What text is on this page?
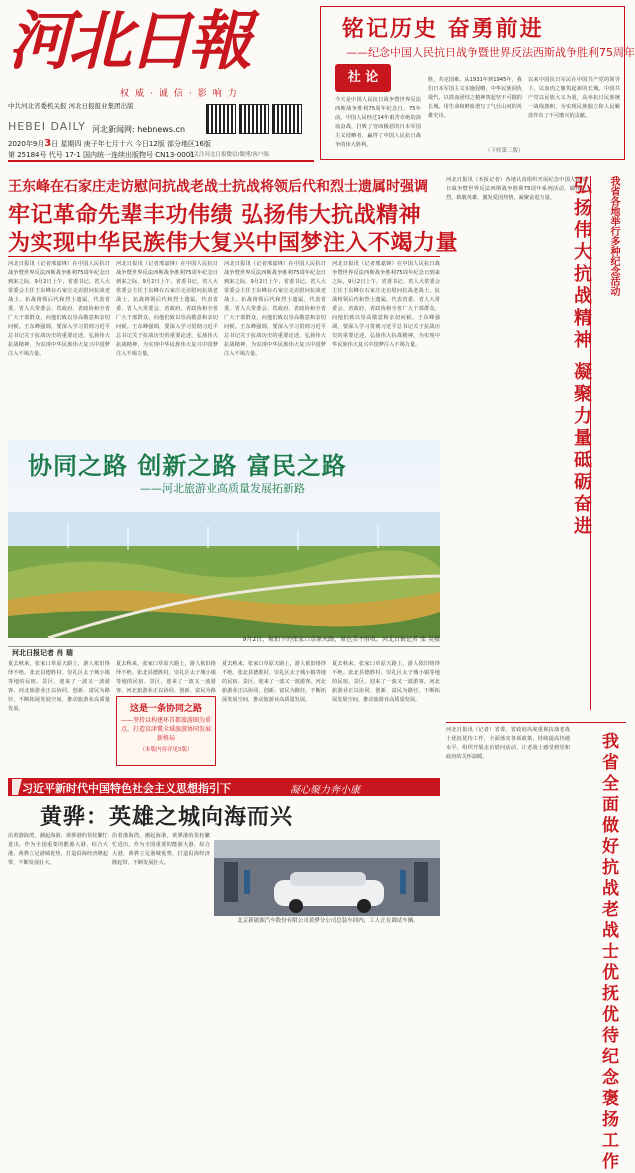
河北日報
权威·诚信·影响力
中共河北省委机关报 河北日报报业集团出版
HEBEI DAILY 河北新闻网: hebnews.cn
2020年9月3日 星期四 庚子年七月十六 今日12版 部分地区16版
第 25184号 代号 17-1 国内统一连续出版物号 CN13-0001
请关注河北日报微信/微博/客户端
铭记历史 奋勇前进
——纪念中国人民抗日战争暨世界反法西斯战争胜利75周年
社 论
今天是中国人民抗日战争暨世界反法西斯战争胜利75周年纪念日。75年前，中国人民经过14年艰苦卓绝的浴血奋战，打败了穷凶极恶的日本军国主义侵略者，赢得了中国人民抗日战争的伟大胜利。
胜，共克国难。从1931年到1945年，我们日本军国主义实施侵略，中华民族同仇敌忾，以铁血团结之精神筑起坚不可摧的长城，用生命和鲜血谱写了气壮山河的英雄史诗。
以来中国抗日军民在中国共产党的领导下，以血肉之躯筑起新的长城。中国共产党以民族大义为重，高举抗日民族统一战线旗帜，为实现民族独立和人民解放作出了不可磨灭的贡献。
（下转第三版）
王东峰在石家庄走访慰问抗战老战士抗战将领后代和烈士遗属时强调
牢记革命先辈丰功伟绩 弘扬伟大抗战精神
为实现中华民族伟大复兴中国梦注入不竭力量
河北日报讯（记者邢嘉锋）在中国人民抗日战争暨世界反法西斯战争胜利75周年纪念日到来之际，9月2日上午，省委书记、省人大常委会主任王东峰在石家庄走访慰问抗战老战士、抗战将领后代和烈士遗属，代表省委、省人大常委会、省政府、省政协和全省广大干部群众，向他们致以崇高敬意和亲切问候。王东峰强调，要深入学习贯彻习近平总书记关于抗战历史的重要论述，弘扬伟大抗战精神，为实现中华民族伟大复兴中国梦注入不竭力量。
河北日报讯（记者邢嘉锋）在中国人民抗日战争暨世界反法西斯战争胜利75周年纪念日到来之际，9月2日上午，省委书记、省人大常委会主任王东峰在石家庄走访慰问抗战老战士、抗战将领后代和烈士遗属，代表省委、省人大常委会、省政府、省政协和全省广大干部群众，向他们致以崇高敬意和亲切问候。王东峰强调，要深入学习贯彻习近平总书记关于抗战历史的重要论述，弘扬伟大抗战精神，为实现中华民族伟大复兴中国梦注入不竭力量。
河北日报讯（记者邢嘉锋）在中国人民抗日战争暨世界反法西斯战争胜利75周年纪念日到来之际，9月2日上午，省委书记、省人大常委会主任王东峰在石家庄走访慰问抗战老战士、抗战将领后代和烈士遗属，代表省委、省人大常委会、省政府、省政协和全省广大干部群众，向他们致以崇高敬意和亲切问候。王东峰强调，要深入学习贯彻习近平总书记关于抗战历史的重要论述，弘扬伟大抗战精神，为实现中华民族伟大复兴中国梦注入不竭力量。
河北日报讯（记者邢嘉锋）在中国人民抗日战争暨世界反法西斯战争胜利75周年纪念日到来之际，9月2日上午，省委书记、省人大常委会主任王东峰在石家庄走访慰问抗战老战士、抗战将领后代和烈士遗属，代表省委、省人大常委会、省政府、省政协和全省广大干部群众，向他们致以崇高敬意和亲切问候。王东峰强调，要深入学习贯彻习近平总书记关于抗战历史的重要论述，弘扬伟大抗战精神，为实现中华民族伟大复兴中国梦注入不竭力量。
河北日报讯（本报记者）各地认真组织开展纪念中国人民抗日战争暨世界反法西斯战争胜利75周年系列活动，缅怀先烈，致敬英雄，激发爱国热情，凝聚奋进力量。	我省各地举行多种纪念活动
弘扬伟大抗战精神 凝聚力量砥砺奋进
协同之路 创新之路 富民之路
——河北旅游业高质量发展拓新路
9月2日，航拍下的张家口草原天路，景色美不胜收。河北日报记者 张 昊摄
河北日报记者 肖 瑞
夏去秋来，张家口草原天路上，游人依旧络绎不绝。张北县德胜村、崇礼区太子城小镇等地的民宿、景区，迎来了一波又一波游客。河北旅游业正以协同、创新、富民为路径，不断拓展发展空间，推动旅游业高质量发展。
夏去秋来，张家口草原天路上，游人依旧络绎不绝。张北县德胜村、崇礼区太子城小镇等地的民宿、景区，迎来了一波又一波游客。河北旅游业正以协同、创新、富民为路
这是一条协同之路
——坚持以构建环首都旅游圈为重点，打造京津冀全域旅游协同发展新格局
（本版内容详见5版）
夏去秋来，张家口草原天路上，游人依旧络绎不绝。张北县德胜村、崇礼区太子城小镇等地的民宿、景区，迎来了一波又一波游客。河北旅游业正以协同、创新、富民为路径，不断拓展发展空间，推动旅游业高质量发展。
夏去秋来，张家口草原天路上，游人依旧络绎不绝。张北县德胜村、崇礼区太子城小镇等地的民宿、景区，迎来了一波又一波游客。河北旅游业正以协同、创新、富民为路径，不断拓展发展空间，推动旅游业高质量发展。
习近平新时代中国特色社会主义思想指引下	凝心聚力奔小康
黄骅：英雄之城向海而兴
沿着渤海湾，潮起海港，黄骅港的货轮繁忙进出。作为全国重要的能源大港、综合大港，黄骅立足港城优势，打造沿海经济隆起带，不断发展壮大。
沿着渤海湾，潮起海港，黄骅港的货轮繁忙进出。作为全国重要的能源大港、综合大港，黄骅立足港城优势，打造沿海经济隆起带，不断发展壮大。
北京新能源汽车股份有限公司黄骅分公司总装车间内，工人正在调试车辆。
河北日报讯（记者）省委、省政府高度重视抗战老战士优抚优待工作，全面落实各项政策，持续提高待遇水平，组织开展走访慰问活动，让老战士感受到党和政府的关怀温暖。	我省全面做好抗战老战士优抚优待纪念褒扬工作
